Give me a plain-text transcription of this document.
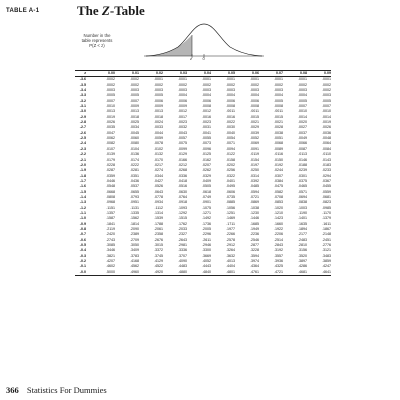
TABLE A-1	The Z-Table
Number in the
table represents
P(Z < z)
z	0
z	0.00	0.01	0.02	0.03	0.04	0.05	0.06	0.07	0.08	0.09
-3.6	.0002	.0002	.0001	.0001	.0001	.0001	.0001	.0001	.0001	.0001
-3.5	.0002	.0002	.0002	.0002	.0002	.0002	.0002	.0002	.0002	.0002
-3.4	.0003	.0003	.0003	.0003	.0003	.0003	.0003	.0003	.0003	.0002
-3.3	.0005	.0005	.0005	.0004	.0004	.0004	.0004	.0004	.0004	.0003
-3.2	.0007	.0007	.0006	.0006	.0006	.0006	.0006	.0005	.0005	.0005
-3.1	.0010	.0009	.0009	.0009	.0008	.0008	.0008	.0008	.0007	.0007
-3.0	.0013	.0013	.0013	.0012	.0012	.0011	.0011	.0011	.0010	.0010
-2.9	.0019	.0018	.0018	.0017	.0016	.0016	.0015	.0015	.0014	.0014
-2.8	.0026	.0025	.0024	.0023	.0023	.0022	.0021	.0021	.0020	.0019
-2.7	.0035	.0034	.0033	.0032	.0031	.0030	.0029	.0028	.0027	.0026
-2.6	.0047	.0045	.0044	.0043	.0041	.0040	.0039	.0038	.0037	.0036
-2.5	.0062	.0060	.0059	.0057	.0055	.0054	.0052	.0051	.0049	.0048
-2.4	.0082	.0080	.0078	.0075	.0073	.0071	.0069	.0068	.0066	.0064
-2.3	.0107	.0104	.0102	.0099	.0096	.0094	.0091	.0089	.0087	.0084
-2.2	.0139	.0136	.0132	.0129	.0125	.0122	.0119	.0116	.0113	.0110
-2.1	.0179	.0174	.0170	.0166	.0162	.0158	.0154	.0150	.0146	.0143
-2.0	.0228	.0222	.0217	.0212	.0207	.0202	.0197	.0192	.0188	.0183
-1.9	.0287	.0281	.0274	.0268	.0262	.0256	.0250	.0244	.0239	.0233
-1.8	.0359	.0351	.0344	.0336	.0329	.0322	.0314	.0307	.0301	.0294
-1.7	.0446	.0436	.0427	.0418	.0409	.0401	.0392	.0384	.0375	.0367
-1.6	.0548	.0537	.0526	.0516	.0505	.0495	.0485	.0475	.0465	.0455
-1.5	.0668	.0655	.0643	.0630	.0618	.0606	.0594	.0582	.0571	.0559
-1.4	.0808	.0793	.0778	.0764	.0749	.0735	.0721	.0708	.0694	.0681
-1.3	.0968	.0951	.0934	.0918	.0901	.0885	.0869	.0853	.0838	.0823
-1.2	.1151	.1131	.1112	.1093	.1075	.1056	.1038	.1020	.1003	.0985
-1.1	.1357	.1335	.1314	.1292	.1271	.1251	.1230	.1210	.1190	.1170
-1.0	.1587	.1562	.1539	.1515	.1492	.1469	.1446	.1423	.1401	.1379
-0.9	.1841	.1814	.1788	.1762	.1736	.1711	.1685	.1660	.1635	.1611
-0.8	.2119	.2090	.2061	.2033	.2005	.1977	.1949	.1922	.1894	.1867
-0.7	.2420	.2389	.2358	.2327	.2296	.2266	.2236	.2206	.2177	.2148
-0.6	.2743	.2709	.2676	.2643	.2611	.2578	.2546	.2514	.2483	.2451
-0.5	.3085	.3050	.3015	.2981	.2946	.2912	.2877	.2843	.2810	.2776
-0.4	.3446	.3409	.3372	.3336	.3300	.3264	.3228	.3192	.3156	.3121
-0.3	.3821	.3783	.3745	.3707	.3669	.3632	.3594	.3557	.3520	.3483
-0.2	.4207	.4168	.4129	.4090	.4052	.4013	.3974	.3936	.3897	.3859
-0.1	.4602	.4562	.4522	.4483	.4443	.4404	.4364	.4325	.4286	.4247
-0.0	.5000	.4960	.4920	.4880	.4840	.4801	.4761	.4721	.4681	.4641
366 Statistics For Dummies
